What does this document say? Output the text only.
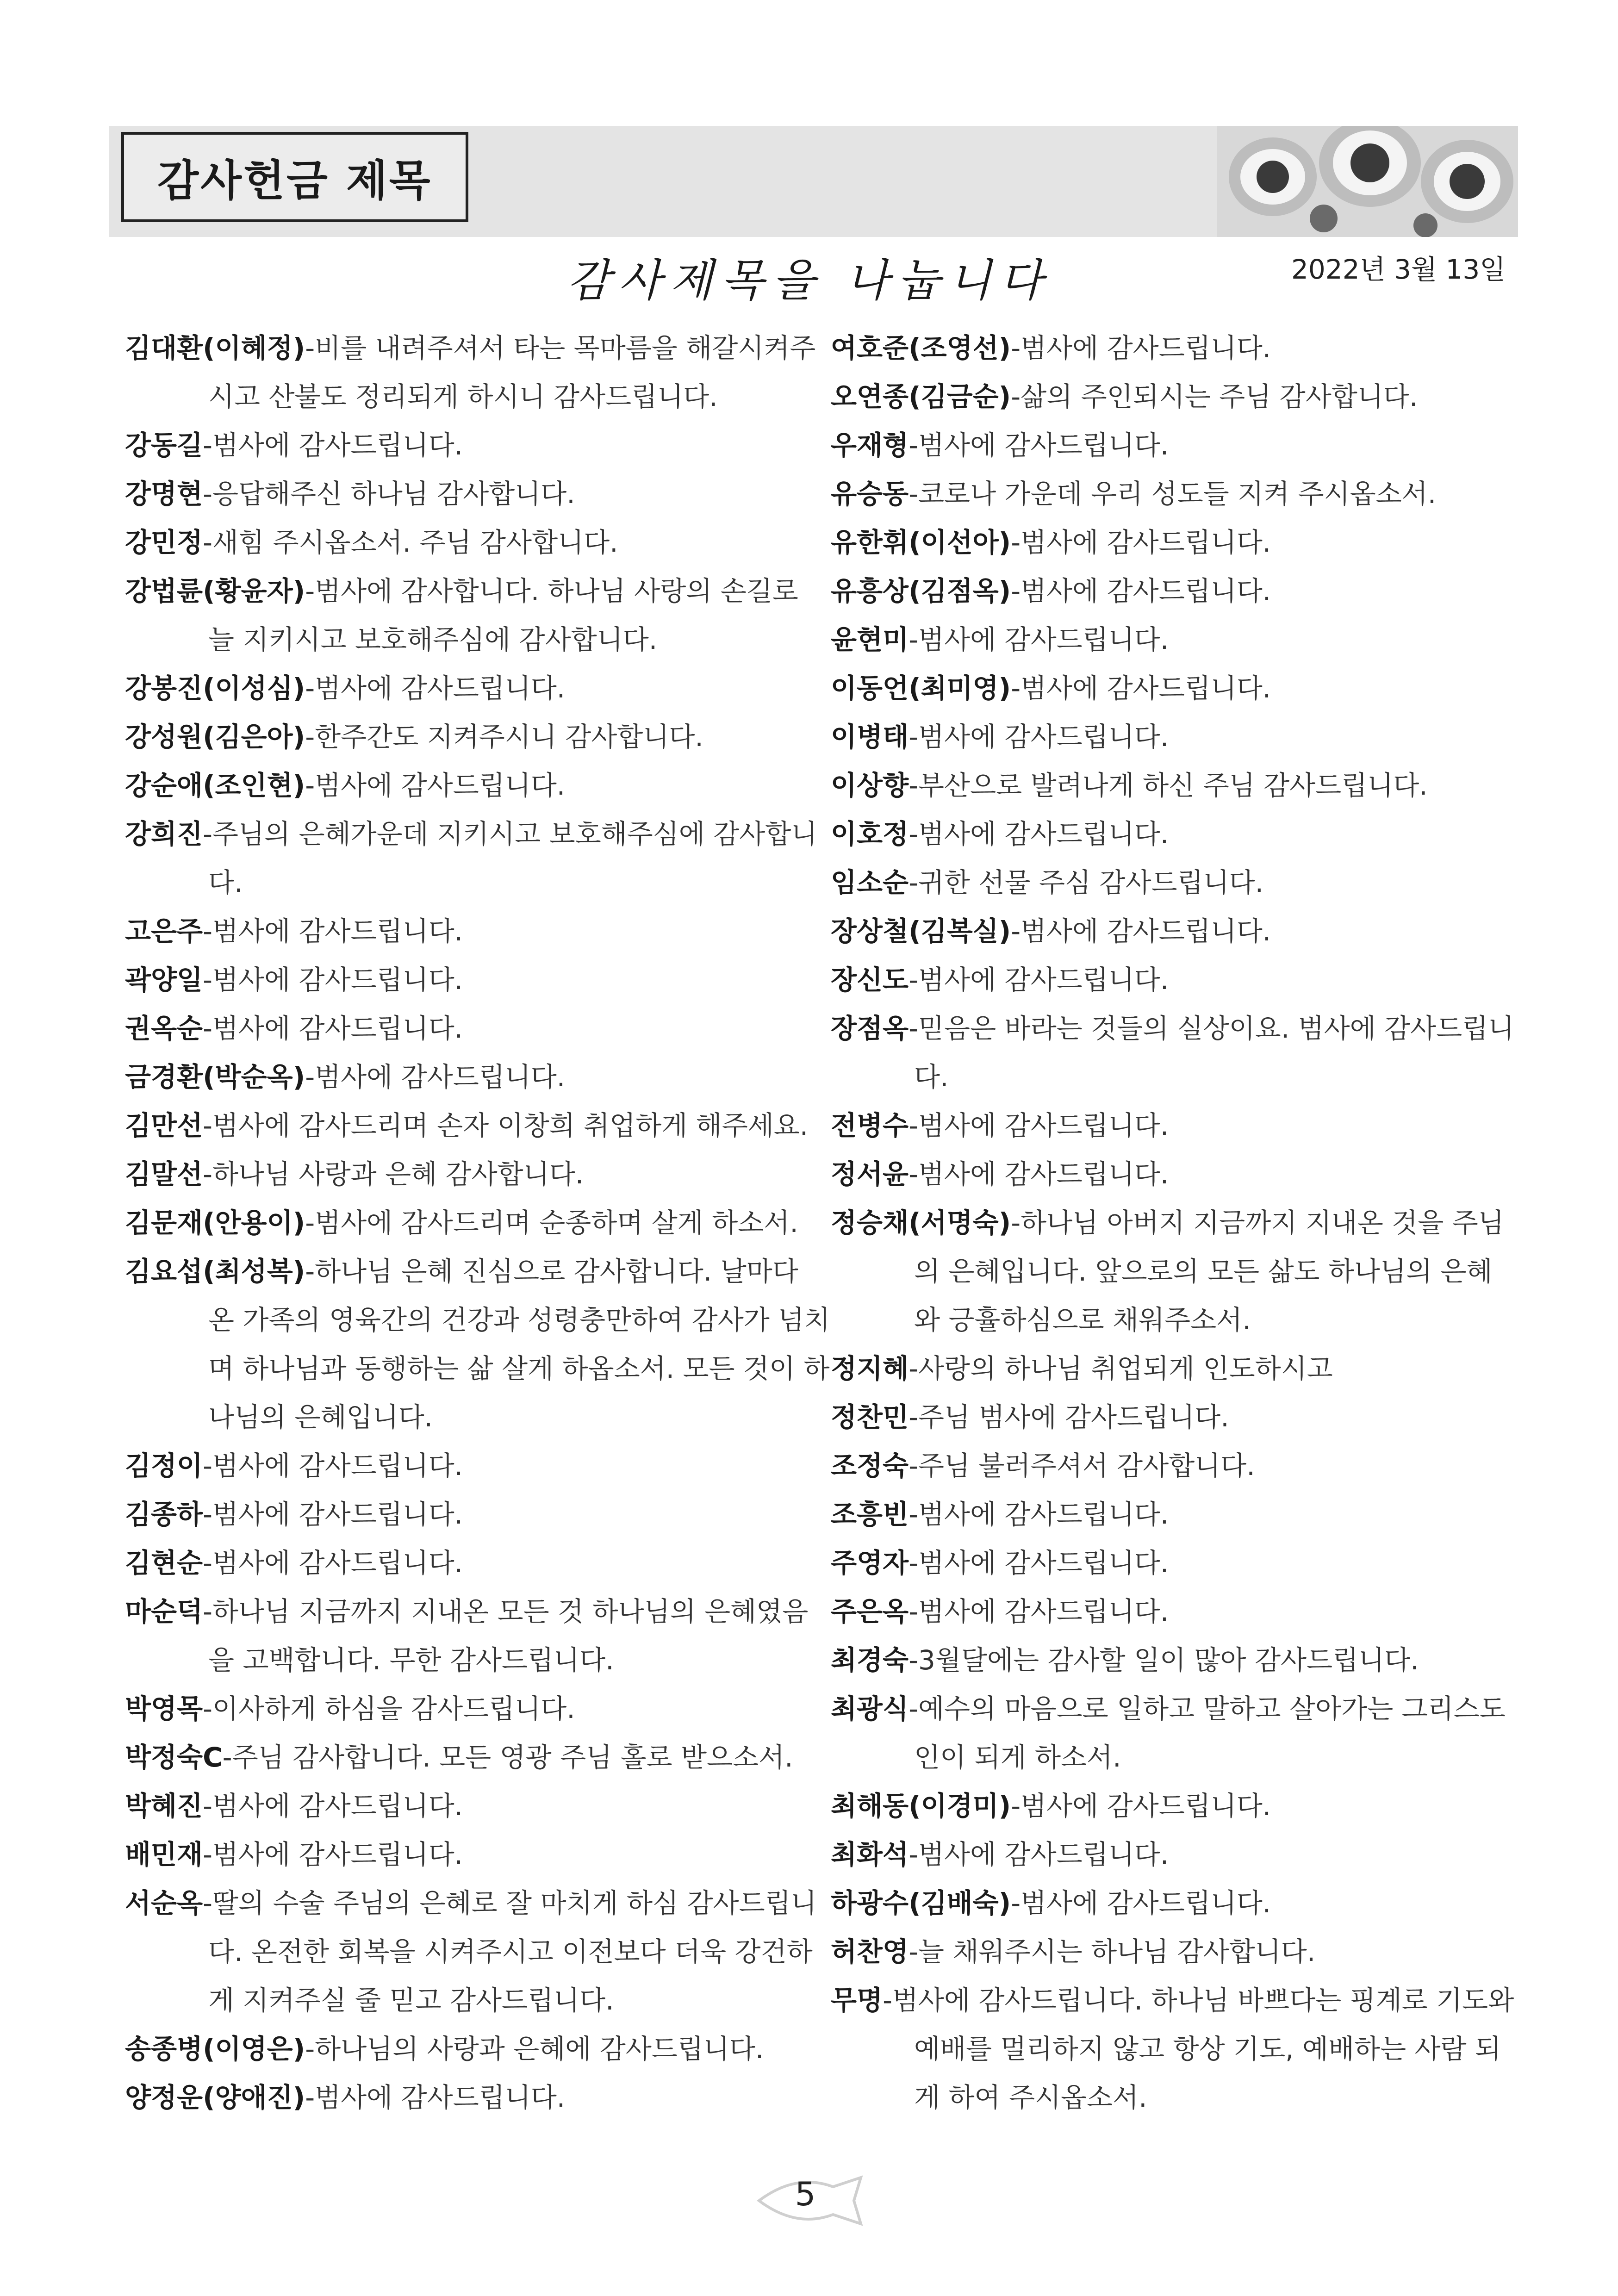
감사헌금 제목
감사제목을 나눕니다	2022년 3월 13일

김대환(이혜정)-비를 내려주셔서 타는 목마름을 해갈시켜주시고 산불도 정리되게 하시니 감사드립니다.

강동길-범사에 감사드립니다.

강명현-응답해주신 하나님 감사합니다.

강민정-새힘 주시옵소서. 주님 감사합니다.

강법륜(황윤자)-범사에 감사합니다. 하나님 사랑의 손길로 늘 지키시고 보호해주심에 감사합니다.

강봉진(이성심)-범사에 감사드립니다.

강성원(김은아)-한주간도 지켜주시니 감사합니다.

강순애(조인현)-범사에 감사드립니다.

강희진-주님의 은혜가운데 지키시고 보호해주심에 감사합니다.

고은주-범사에 감사드립니다.

곽양일-범사에 감사드립니다.

권옥순-범사에 감사드립니다.

금경환(박순옥)-범사에 감사드립니다.

김만선-범사에 감사드리며 손자 이창희 취업하게 해주세요.

김말선-하나님 사랑과 은혜 감사합니다.

김문재(안용이)-범사에 감사드리며 순종하며 살게 하소서.

김요섭(최성복)-하나님 은혜 진심으로 감사합니다. 날마다 온 가족의 영육간의 건강과 성령충만하여 감사가 넘치며 하나님과 동행하는 삶 살게 하옵소서. 모든 것이 하나님의 은혜입니다.

김정이-범사에 감사드립니다.

김종하-범사에 감사드립니다.

김현순-범사에 감사드립니다.

마순덕-하나님 지금까지 지내온 모든 것 하나님의 은혜였음을 고백합니다. 무한 감사드립니다.

박영목-이사하게 하심을 감사드립니다.

박정숙C-주님 감사합니다. 모든 영광 주님 홀로 받으소서.

박혜진-범사에 감사드립니다.

배민재-범사에 감사드립니다.

서순옥-딸의 수술 주님의 은혜로 잘 마치게 하심 감사드립니다. 온전한 회복을 시켜주시고 이전보다 더욱 강건하게 지켜주실 줄 믿고 감사드립니다.

송종병(이영은)-하나님의 사랑과 은혜에 감사드립니다.

양정운(양애진)-범사에 감사드립니다.

여호준(조영선)-범사에 감사드립니다.

오연종(김금순)-삶의 주인되시는 주님 감사합니다.

우재형-범사에 감사드립니다.

유승동-코로나 가운데 우리 성도들 지켜 주시옵소서.

유한휘(이선아)-범사에 감사드립니다.

유흥상(김점옥)-범사에 감사드립니다.

윤현미-범사에 감사드립니다.

이동언(최미영)-범사에 감사드립니다.

이병태-범사에 감사드립니다.

이상향-부산으로 발려나게 하신 주님 감사드립니다.

이호정-범사에 감사드립니다.

임소순-귀한 선물 주심 감사드립니다.

장상철(김복실)-범사에 감사드립니다.

장신도-범사에 감사드립니다.

장점옥-믿음은 바라는 것들의 실상이요. 범사에 감사드립니다.

전병수-범사에 감사드립니다.

정서윤-범사에 감사드립니다.

정승채(서명숙)-하나님 아버지 지금까지 지내온 것을 주님의 은혜입니다. 앞으로의 모든 삶도 하나님의 은혜와 긍휼하심으로 채워주소서.

정지혜-사랑의 하나님 취업되게 인도하시고

정찬민-주님 범사에 감사드립니다.

조정숙-주님 불러주셔서 감사합니다.

조흥빈-범사에 감사드립니다.

주영자-범사에 감사드립니다.

주은옥-범사에 감사드립니다.

최경숙-3월달에는 감사할 일이 많아 감사드립니다.

최광식-예수의 마음으로 일하고 말하고 살아가는 그리스도인이 되게 하소서.

최해동(이경미)-범사에 감사드립니다.

최화석-범사에 감사드립니다.

하광수(김배숙)-범사에 감사드립니다.

허찬영-늘 채워주시는 하나님 감사합니다.

무명-범사에 감사드립니다. 하나님 바쁘다는 핑계로 기도와 예배를 멀리하지 않고 항상 기도, 예배하는 사람 되게 하여 주시옵소서.

5
